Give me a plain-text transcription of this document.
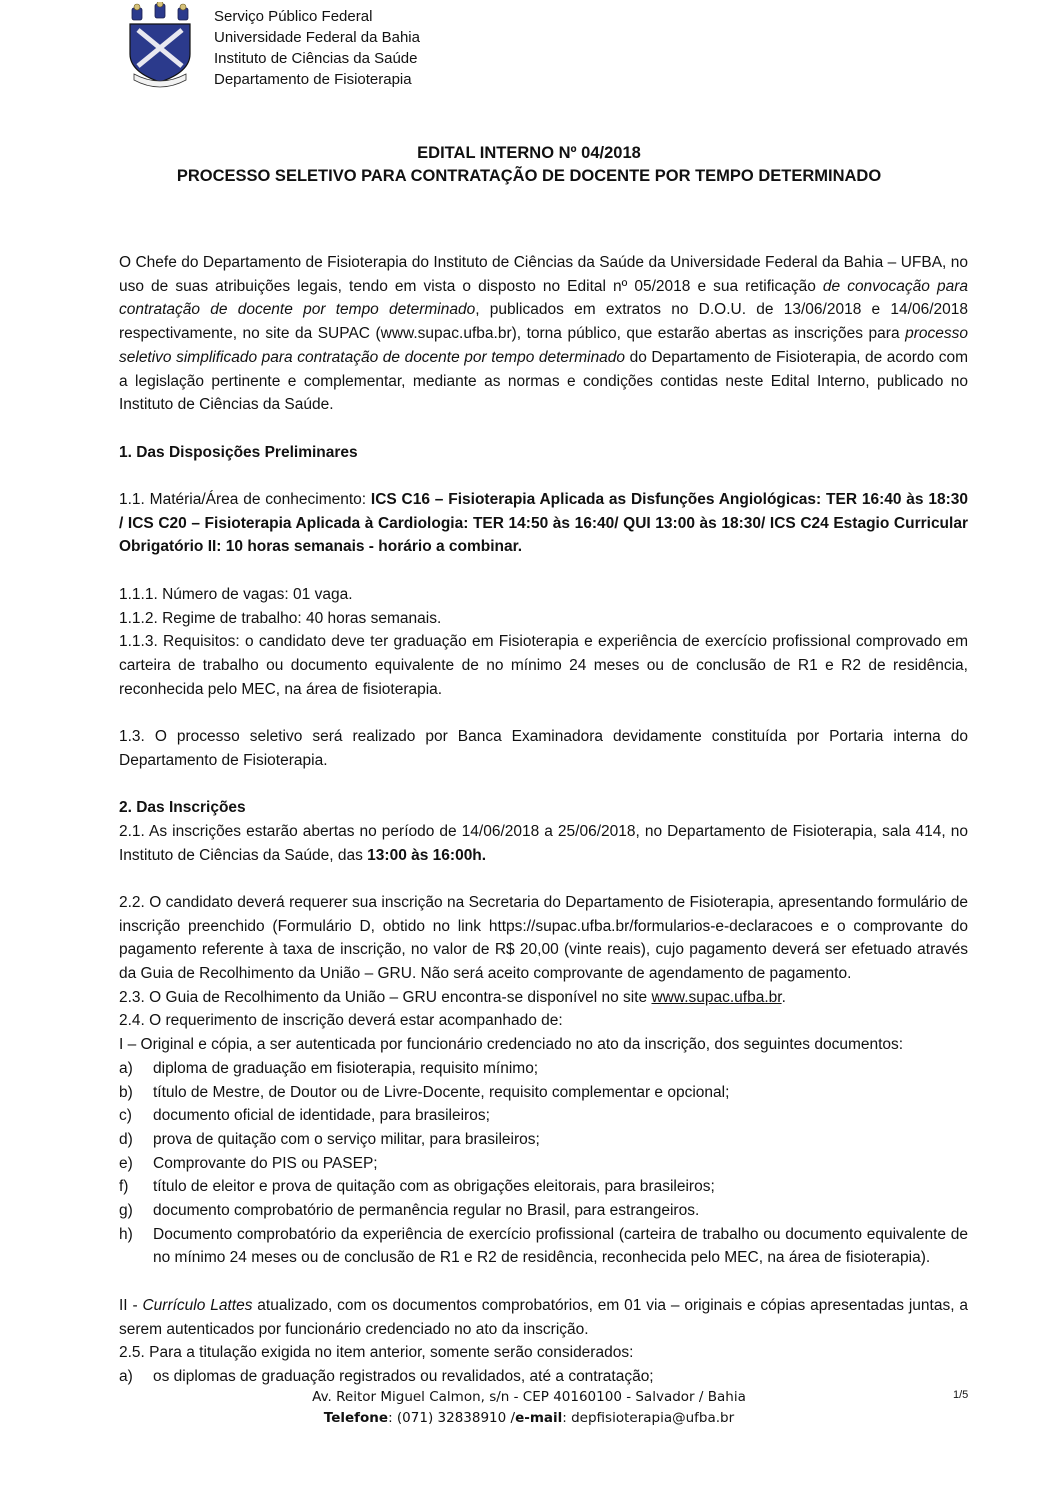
Serviço Público Federal
Universidade Federal da Bahia
Instituto de Ciências da Saúde
Departamento de Fisioterapia
EDITAL INTERNO Nº 04/2018
PROCESSO SELETIVO PARA CONTRATAÇÃO DE DOCENTE POR TEMPO DETERMINADO

O Chefe do Departamento de Fisioterapia do Instituto de Ciências da Saúde da Universidade Federal da Bahia – UFBA, no uso de suas atribuições legais, tendo em vista o disposto no Edital nº 05/2018 e sua retificação de convocação para contratação de docente por tempo determinado, publicados em extratos no D.O.U. de 13/06/2018 e 14/06/2018 respectivamente, no site da SUPAC (www.supac.ufba.br), torna público, que estarão abertas as inscrições para processo seletivo simplificado para contratação de docente por tempo determinado do Departamento de Fisioterapia, de acordo com a legislação pertinente e complementar, mediante as normas e condições contidas neste Edital Interno, publicado no Instituto de Ciências da Saúde.

1. Das Disposições Preliminares

1.1. Matéria/Área de conhecimento: ICS C16 – Fisioterapia Aplicada as Disfunções Angiológicas: TER 16:40 às 18:30 / ICS C20 – Fisioterapia Aplicada à Cardiologia: TER 14:50 às 16:40/ QUI 13:00 às 18:30/ ICS C24 Estagio Curricular Obrigatório II: 10 horas semanais - horário a combinar.

1.1.1. Número de vagas: 01 vaga.

1.1.2. Regime de trabalho: 40 horas semanais.

1.1.3. Requisitos: o candidato deve ter graduação em Fisioterapia e experiência de exercício profissional comprovado em carteira de trabalho ou documento equivalente de no mínimo 24 meses ou de conclusão de R1 e R2 de residência, reconhecida pelo MEC, na área de fisioterapia.

1.3. O processo seletivo será realizado por Banca Examinadora devidamente constituída por Portaria interna do Departamento de Fisioterapia.

2. Das Inscrições

2.1. As inscrições estarão abertas no período de 14/06/2018 a 25/06/2018, no Departamento de Fisioterapia, sala 414, no Instituto de Ciências da Saúde, das 13:00 às 16:00h.

2.2. O candidato deverá requerer sua inscrição na Secretaria do Departamento de Fisioterapia, apresentando formulário de inscrição preenchido (Formulário D, obtido no link https://supac.ufba.br/formularios-e-declaracoes e o comprovante do pagamento referente à taxa de inscrição, no valor de R$ 20,00 (vinte reais), cujo pagamento deverá ser efetuado através da Guia de Recolhimento da União – GRU. Não será aceito comprovante de agendamento de pagamento.

2.3. O Guia de Recolhimento da União – GRU encontra-se disponível no site www.supac.ufba.br.

2.4. O requerimento de inscrição deverá estar acompanhado de:

I – Original e cópia, a ser autenticada por funcionário credenciado no ato da inscrição, dos seguintes documentos:

a)	diploma de graduação em fisioterapia, requisito mínimo;
b)	título de Mestre, de Doutor ou de Livre-Docente, requisito complementar e opcional;
c)	documento oficial de identidade, para brasileiros;
d)	prova de quitação com o serviço militar, para brasileiros;
e)	Comprovante do PIS ou PASEP;
f)	título de eleitor e prova de quitação com as obrigações eleitorais, para brasileiros;
g)	documento comprobatório de permanência regular no Brasil, para estrangeiros.
h)	Documento comprobatório da experiência de exercício profissional (carteira de trabalho ou documento equivalente de no mínimo 24 meses ou de conclusão de R1 e R2 de residência, reconhecida pelo MEC, na área de fisioterapia).

II - Currículo Lattes atualizado, com os documentos comprobatórios, em 01 via – originais e cópias apresentadas juntas, a serem autenticados por funcionário credenciado no ato da inscrição.

2.5. Para a titulação exigida no item anterior, somente serão considerados:

a)	os diplomas de graduação registrados ou revalidados, até a contratação;
Av. Reitor Miguel Calmon, s/n - CEP 40160100 - Salvador / Bahia
Telefone: (071) 32838910 /e-mail: depfisioterapia@ufba.br
1/5
